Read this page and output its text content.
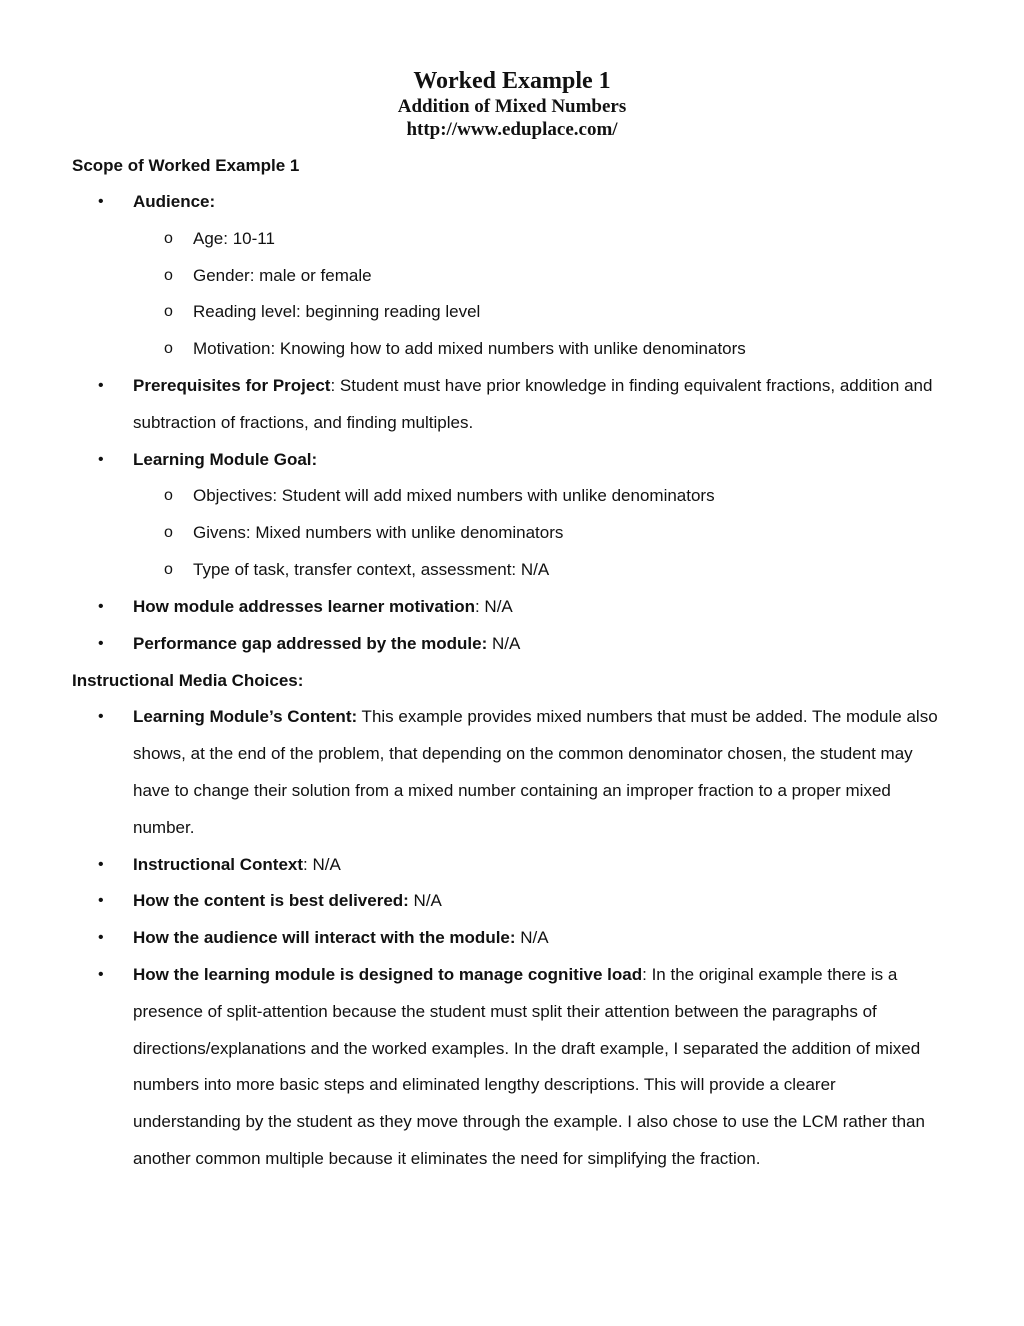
Worked Example 1
Addition of Mixed Numbers
http://www.eduplace.com/
Scope of Worked Example 1
• Audience:
o Age: 10-11
o Gender: male or female
o Reading level: beginning reading level
o Motivation: Knowing how to add mixed numbers with unlike denominators
• Prerequisites for Project: Student must have prior knowledge in finding equivalent fractions, addition and subtraction of fractions, and finding multiples.
• Learning Module Goal:
o Objectives: Student will add mixed numbers with unlike denominators
o Givens: Mixed numbers with unlike denominators
o Type of task, transfer context, assessment: N/A
• How module addresses learner motivation: N/A
• Performance gap addressed by the module: N/A
Instructional Media Choices:
• Learning Module’s Content: This example provides mixed numbers that must be added. The module also shows, at the end of the problem, that depending on the common denominator chosen, the student may have to change their solution from a mixed number containing an improper fraction to a proper mixed number.
• Instructional Context: N/A
• How the content is best delivered: N/A
• How the audience will interact with the module: N/A
• How the learning module is designed to manage cognitive load: In the original example there is a presence of split-attention because the student must split their attention between the paragraphs of directions/explanations and the worked examples. In the draft example, I separated the addition of mixed numbers into more basic steps and eliminated lengthy descriptions. This will provide a clearer understanding by the student as they move through the example. I also chose to use the LCM rather than another common multiple because it eliminates the need for simplifying the fraction.
